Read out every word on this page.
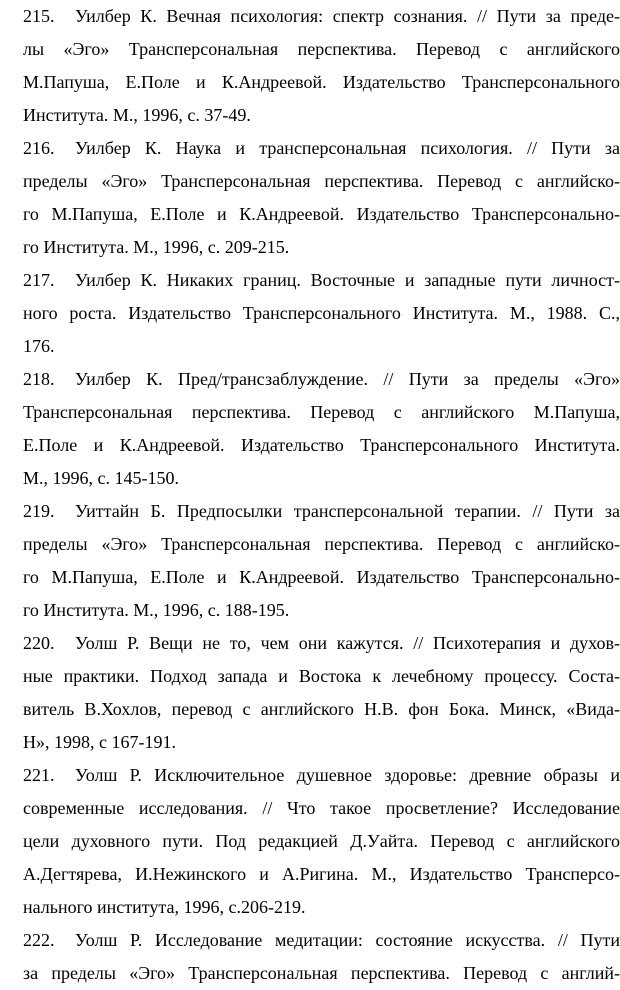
215. Уилбер К. Вечная психология: спектр сознания. // Пути за преде-
лы «Эго» Трансперсональная перспектива. Перевод с английского
М.Папуша, Е.Поле и К.Андреевой. Издательство Трансперсонального
Института. М., 1996, с. 37-49.
216. Уилбер К. Наука и трансперсональная психология. // Пути за
пределы «Эго» Трансперсональная перспектива. Перевод с английско-
го М.Папуша, Е.Поле и К.Андреевой. Издательство Трансперсонально-
го Института. М., 1996, с. 209-215.
217. Уилбер К. Никаких границ. Восточные и западные пути личност-
ного роста. Издательство Трансперсонального Института. М., 1988. С.,
176.
218. Уилбер К. Пред/трансзаблуждение. // Пути за пределы «Эго»
Трансперсональная перспектива. Перевод с английского М.Папуша,
Е.Поле и К.Андреевой. Издательство Трансперсонального Института.
М., 1996, с. 145-150.
219. Уиттайн Б. Предпосылки трансперсональной терапии. // Пути за
пределы «Эго» Трансперсональная перспектива. Перевод с английско-
го М.Папуша, Е.Поле и К.Андреевой. Издательство Трансперсонально-
го Института. М., 1996, с. 188-195.
220. Уолш Р. Вещи не то, чем они кажутся. // Психотерапия и духов-
ные практики. Подход запада и Востока к лечебному процессу. Соста-
витель В.Хохлов, перевод с английского Н.В. фон Бока. Минск, «Вида-
Н», 1998, с 167-191.
221. Уолш Р. Исключительное душевное здоровье: древние образы и
современные исследования. // Что такое просветление? Исследование
цели духовного пути. Под редакцией Д.Уайта. Перевод с английского
А.Дегтярева, И.Нежинского и А.Ригина. М., Издательство Трансперсо-
нального института, 1996, с.206-219.
222. Уолш Р. Исследование медитации: состояние искусства. // Пути
за пределы «Эго» Трансперсональная перспектива. Перевод с англий-
